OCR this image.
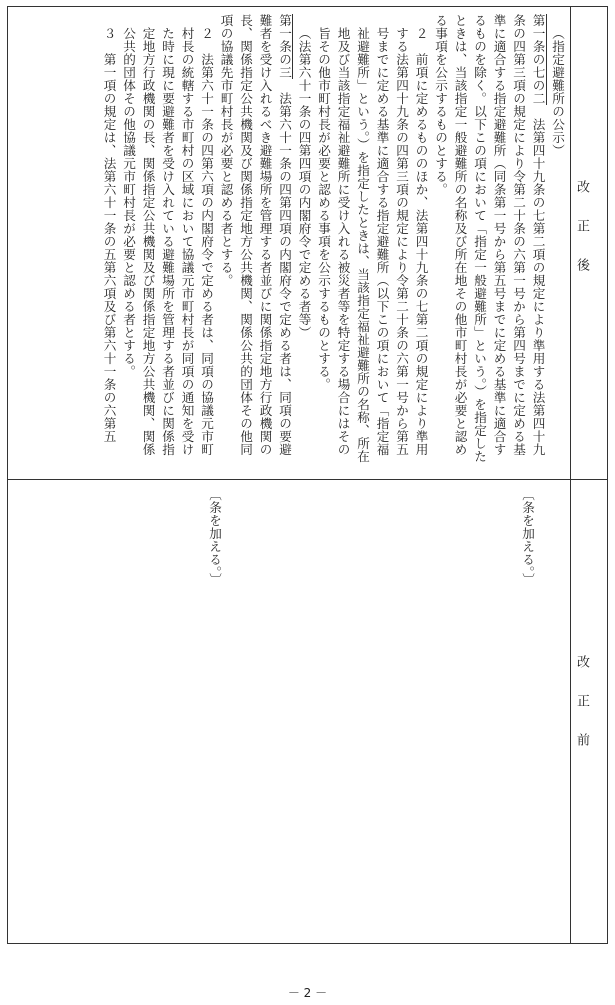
改正後
改正前

（指定避難所の公示）

第一条の七の二　法第四十九条の七第二項の規定により準用する法第四十九条の四第三項の規定により令第二十条の六第一号から第四号までに定める基準に適合する指定避難所（同条第一号から第五号までに定める基準に適合するものを除く。以下この項において「指定一般避難所」という。）を指定したときは、当該指定一般避難所の名称及び所在地その他市町村長が必要と認める事項を公示するものとする。

２　前項に定めるもののほか、法第四十九条の七第二項の規定により準用する法第四十九条の四第三項の規定により令第二十条の六第一号から第五号までに定める基準に適合する指定避難所（以下この項において「指定福祉避難所」という。）を指定したときは、当該指定福祉避難所の名称、所在地及び当該指定福祉避難所に受け入れる被災者等を特定する場合にはその旨その他市町村長が必要と認める事項を公示するものとする。

（法第六十一条の四第四項の内閣府令で定める者等）

第一条の三　法第六十一条の四第四項の内閣府令で定める者は、同項の要避難者を受け入れるべき避難場所を管理する者並びに関係指定地方行政機関の長、関係指定公共機関及び関係指定地方公共機関、関係公共的団体その他同項の協議先市町村長が必要と認める者とする。

２　法第六十一条の四第六項の内閣府令で定める者は、同項の協議元市町村長の統轄する市町村の区域において協議元市町村長が同項の通知を受けた時に現に要避難者を受け入れている避難場所を管理する者並びに関係指定地方行政機関の長、関係指定公共機関及び関係指定地方公共機関、関係公共的団体その他協議元市町村長が必要と認める者とする。

３　第一項の規定は、法第六十一条の五第六項及び第六十一条の六第五

〔条を加える。〕
〔条を加える。〕
－ 2 －
